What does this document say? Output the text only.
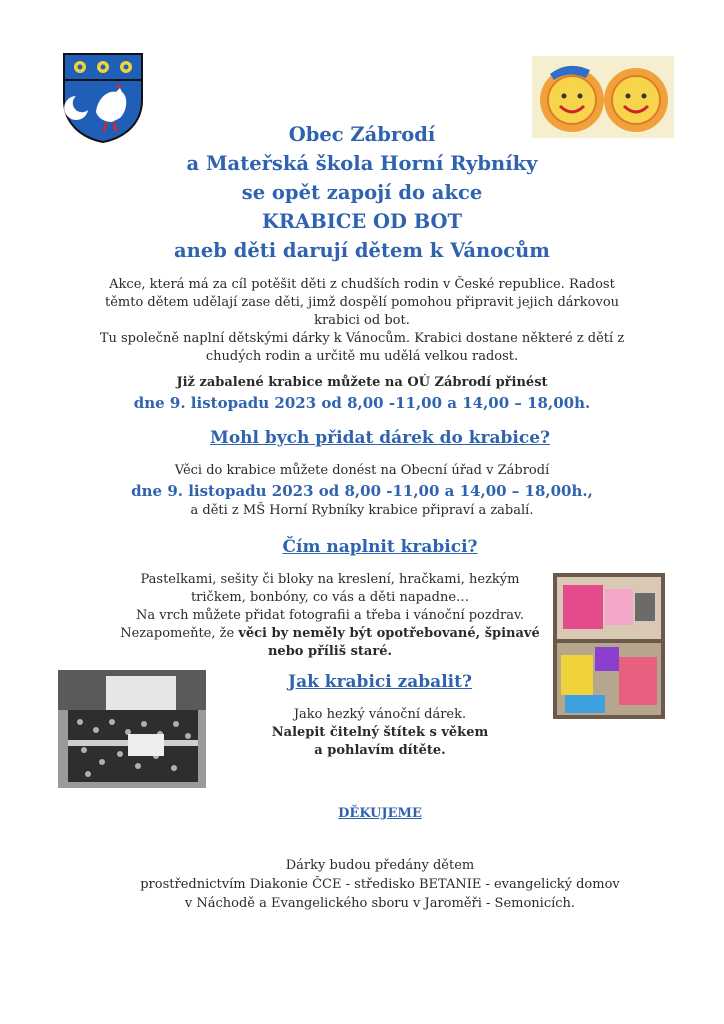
Obec Zábrodí
a Mateřská škola Horní Rybníky
se opět zapojí do akce
KRABICE OD BOT
aneb děti darují dětem k Vánocům
Akce, která má za cíl potěšit děti z chudších rodin v České republice. Radost
těmto dětem udělají zase děti, jimž dospělí pomohou připravit jejich dárkovou
krabici od bot.
Tu společně naplní dětskými dárky k Vánocům. Krabici dostane některé z dětí z
chudých rodin a určitě mu udělá velkou radost.
Již zabalené krabice můžete na OÚ Zábrodí přinést
dne 9. listopadu 2023 od 8,00 -11,00 a 14,00 – 18,00h.
Mohl bych přidat dárek do krabice?
Věci do krabice můžete donést na Obecní úřad v Zábrodí
dne 9. listopadu 2023 od 8,00 -11,00 a 14,00 – 18,00h.,
a děti z MŠ Horní Rybníky krabice připraví a zabalí.
Čím naplnit krabici?
Pastelkami, sešity či bloky na kreslení, hračkami, hezkým
tričkem, bonbóny, co vás a děti napadne…
Na vrch můžete přidat fotografii a třeba i vánoční pozdrav.
Nezapomeňte, že věci by neměly být opotřebované, špinavé
nebo příliš staré.
Jak krabici zabalit?
Jako hezký vánoční dárek.
Nalepit čitelný štítek s věkem
a pohlavím dítěte.
DĚKUJEME
Dárky budou předány dětem
prostřednictvím Diakonie ČCE - středisko BETANIE - evangelický domov
v Náchodě a Evangelického sboru v Jaroměři - Semonicích.
